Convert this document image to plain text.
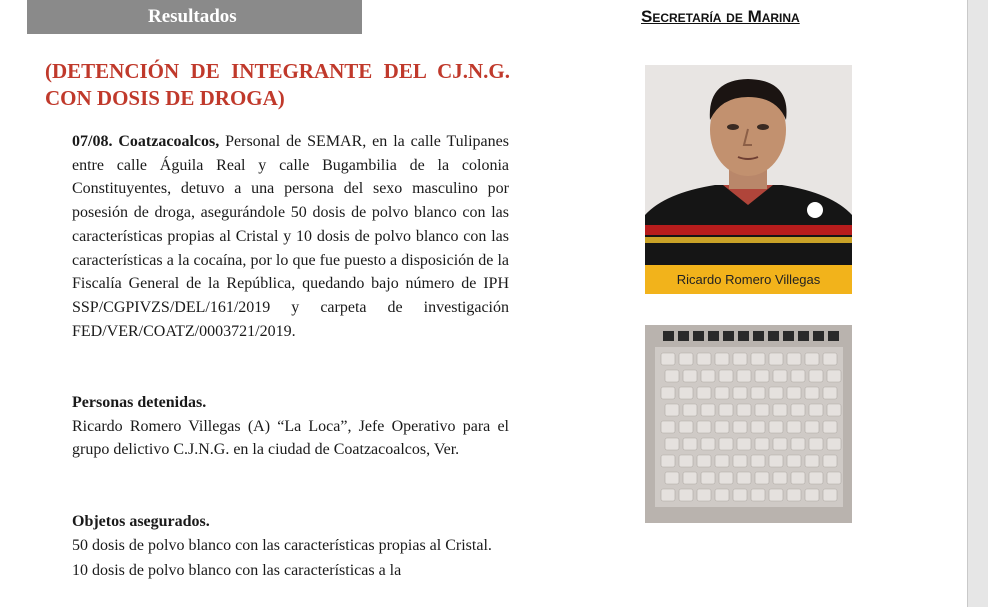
Resultados	Secretaría de Marina
(DETENCIÓN DE INTEGRANTE DEL CJ.N.G.
CON DOSIS DE DROGA)
07/08. Coatzacoalcos, Personal de SEMAR, en la calle Tulipanes entre calle Águila Real y calle Bugambilia de la colonia Constituyentes, detuvo a una persona del sexo masculino por posesión de droga, asegurándole 50 dosis de polvo blanco con las características propias al Cristal y 10 dosis de polvo blanco con las características a la cocaína, por lo que fue puesto a disposición de la Fiscalía General de la República, quedando bajo número de IPH SSP/CGPIVZS/DEL/161/2019 y carpeta de investigación FED/VER/COATZ/0003721/2019.
Personas detenidas.
Ricardo Romero Villegas (A) “La Loca”, Jefe Operativo para el grupo delictivo C.J.N.G. en la ciudad de Coatzacoalcos, Ver.
Objetos asegurados.

50 dosis de polvo blanco con las características propias al Cristal.

10 dosis de polvo blanco con las características a la

Ricardo Romero Villegas
